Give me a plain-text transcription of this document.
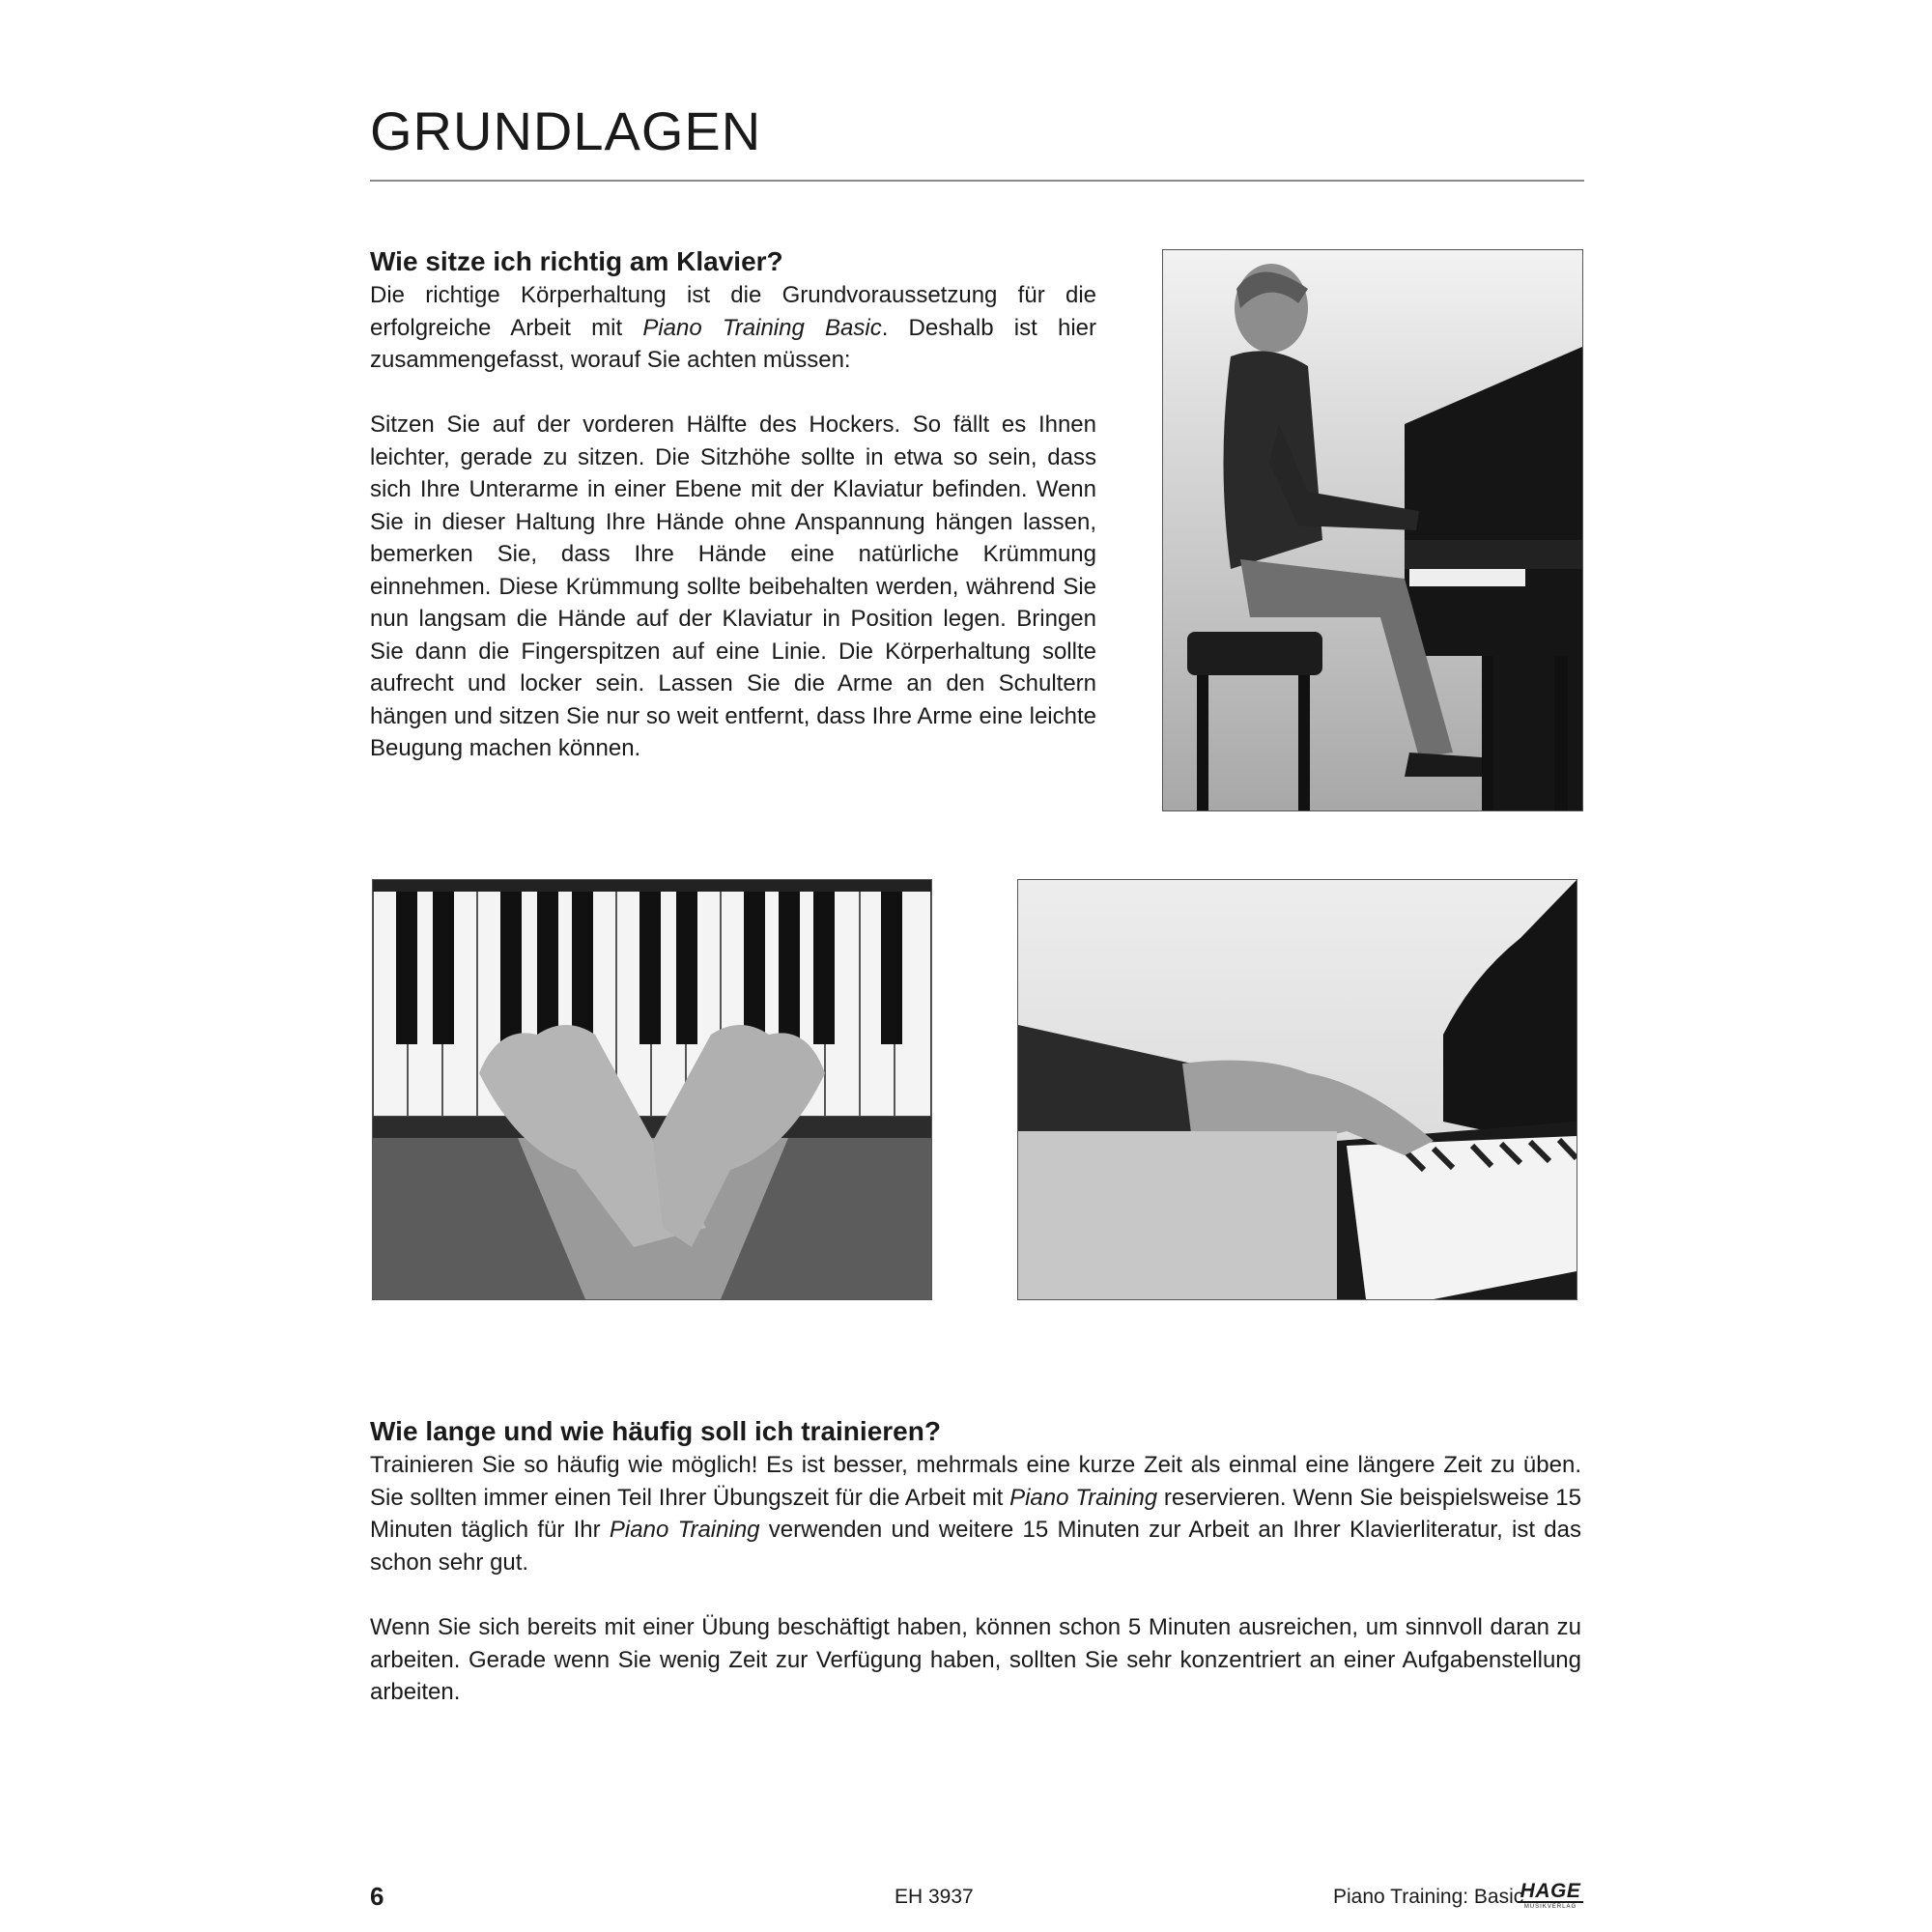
GRUNDLAGEN
Wie sitze ich richtig am Klavier?

Die richtige Körperhaltung ist die Grundvoraussetzung für die erfolgreiche Arbeit mit Piano Training Basic. Deshalb ist hier zusammengefasst, worauf Sie achten müssen:

Sitzen Sie auf der vorderen Hälfte des Hockers. So fällt es Ihnen leichter, gerade zu sitzen. Die Sitzhöhe sollte in etwa so sein, dass sich Ihre Unterarme in einer Ebene mit der Klaviatur befinden. Wenn Sie in dieser Haltung Ihre Hände ohne Anspannung hängen lassen, bemerken Sie, dass Ihre Hände eine natürliche Krümmung einnehmen. Diese Krümmung sollte beibehalten werden, während Sie nun langsam die Hände auf der Klaviatur in Position legen. Bringen Sie dann die Fingerspitzen auf eine Linie. Die Körperhaltung sollte aufrecht und locker sein. Lassen Sie die Arme an den Schultern hängen und sitzen Sie nur so weit entfernt, dass Ihre Arme eine leichte Beugung machen können.

Wie lange und wie häufig soll ich trainieren?

Trainieren Sie so häufig wie möglich! Es ist besser, mehrmals eine kurze Zeit als einmal eine längere Zeit zu üben. Sie sollten immer einen Teil Ihrer Übungszeit für die Arbeit mit Piano Training reservieren. Wenn Sie beispielsweise 15 Minuten täglich für Ihr Piano Training verwenden und weitere 15 Minuten zur Arbeit an Ihrer Klavierliteratur, ist das schon sehr gut.

Wenn Sie sich bereits mit einer Übung beschäftigt haben, können schon 5 Minuten ausreichen, um sinnvoll daran zu arbeiten. Gerade wenn Sie wenig Zeit zur Verfügung haben, sollten Sie sehr konzentriert an einer Aufgabenstellung arbeiten.

6	EH 3937	Piano Training: Basic
HAGE
MUSIKVERLAG
